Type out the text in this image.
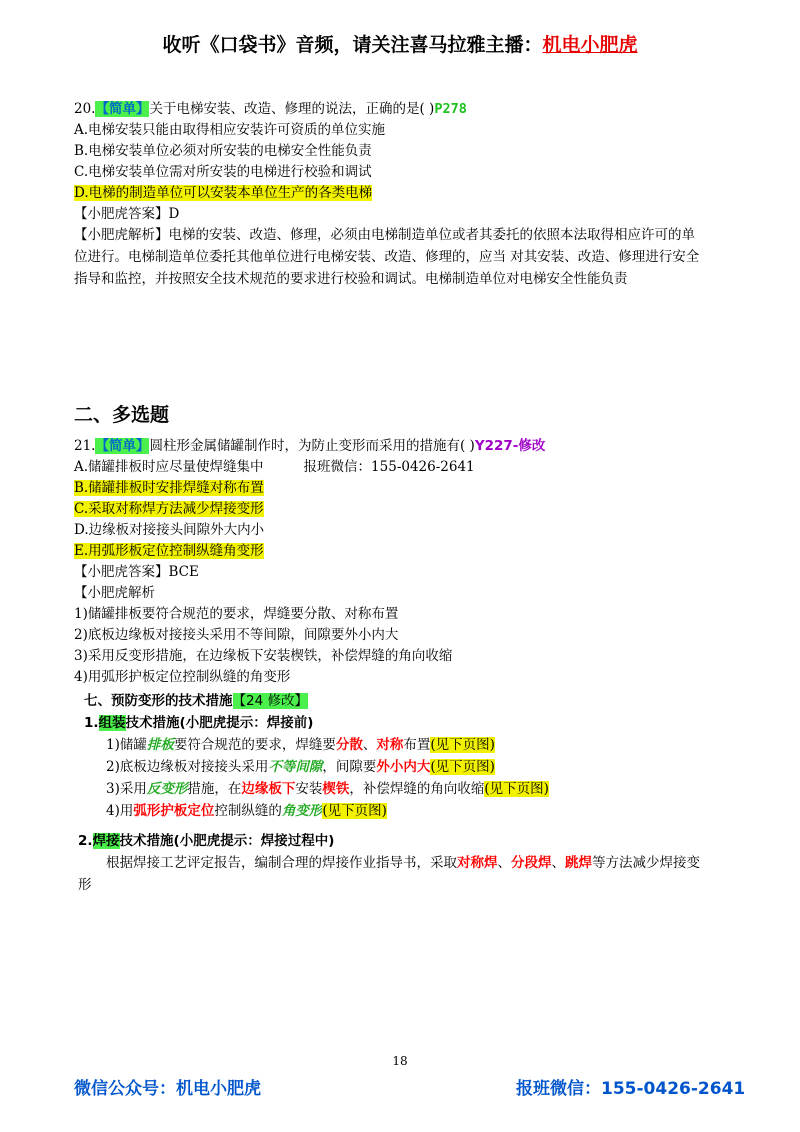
收听《口袋书》音频，请关注喜马拉雅主播：机电小肥虎
20.【简单】关于电梯安装、改造、修理的说法，正确的是( )P278
A.电梯安装只能由取得相应安装许可资质的单位实施
B.电梯安装单位必须对所安装的电梯安全性能负责
C.电梯安装单位需对所安装的电梯进行校验和调试
D.电梯的制造单位可以安装本单位生产的各类电梯
【小肥虎答案】D
【小肥虎解析】电梯的安装、改造、修理，必须由电梯制造单位或者其委托的依照本法取得相应许可的单
位进行。电梯制造单位委托其他单位进行电梯安装、改造、修理的，应当 对其安装、改造、修理进行安全
指导和监控，并按照安全技术规范的要求进行校验和调试。电梯制造单位对电梯安全性能负责
二、多选题
21.【简单】圆柱形金属储罐制作时，为防止变形而采用的措施有( )Y227-修改
A.储罐排板时应尽量使焊缝集中	报班微信：155-0426-2641
B.储罐排板时安排焊缝对称布置
C.采取对称焊方法减少焊接变形
D.边缘板对接接头间隙外大内小
E.用弧形板定位控制纵缝角变形
【小肥虎答案】BCE
【小肥虎解析
1)储罐排板要符合规范的要求，焊缝要分散、对称布置
2)底板边缘板对接接头采用不等间隙，间隙要外小内大
3)采用反变形措施，在边缘板下安装楔铁，补偿焊缝的角向收缩
4)用弧形护板定位控制纵缝的角变形
七、预防变形的技术措施【24 修改】
1.组装技术措施(小肥虎提示：焊接前)
1)储罐排板要符合规范的要求，焊缝要分散、对称布置(见下页图)
2)底板边缘板对接接头采用不等间隙，间隙要外小内大(见下页图)
3)采用反变形措施，在边缘板下安装楔铁，补偿焊缝的角向收缩(见下页图)
4)用弧形护板定位控制纵缝的角变形(见下页图)
2.焊接技术措施(小肥虎提示：焊接过程中)
根据焊接工艺评定报告，编制合理的焊接作业指导书，采取对称焊、分段焊、跳焊等方法减少焊接变
形
18
微信公众号：机电小肥虎	报班微信：155-0426-2641
